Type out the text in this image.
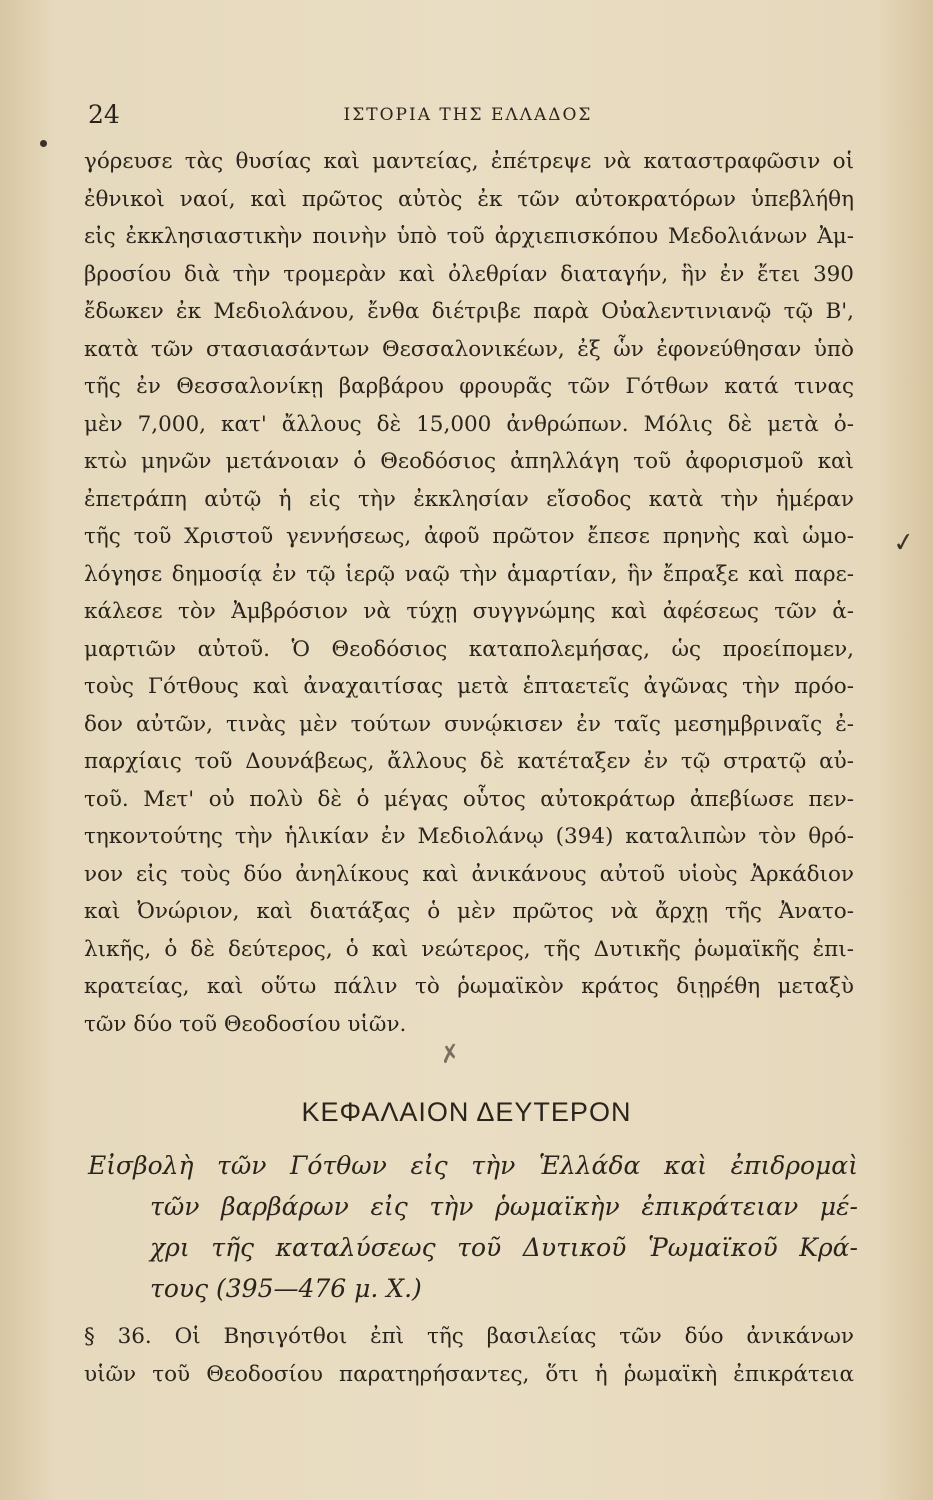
24	ΙΣΤΟΡΙΑ ΤΗΣ ΕΛΛΑΔΟΣ
γόρευσε τὰς θυσίας καὶ μαντείας, ἐπέτρεψε νὰ καταστραφῶσιν οἱ
ἐθνικοὶ ναοί, καὶ πρῶτος αὐτὸς ἐκ τῶν αὐτοκρατόρων ὑπεβλήθη
εἰς ἐκκλησιαστικὴν ποινὴν ὑπὸ τοῦ ἀρχιεπισκόπου Μεδολιάνων Ἀμ-
βροσίου διὰ τὴν τρομερὰν καὶ ὀλεθρίαν διαταγήν, ἣν ἐν ἔτει 390
ἔδωκεν ἐκ Μεδιολάνου, ἔνθα διέτριβε παρὰ Οὐαλεντινιανῷ τῷ Β',
κατὰ τῶν στασιασάντων Θεσσαλονικέων, ἐξ ὧν ἐφονεύθησαν ὑπὸ
τῆς ἐν Θεσσαλονίκῃ βαρβάρου φρουρᾶς τῶν Γότθων κατά τινας
μὲν 7,000, κατ' ἄλλους δὲ 15,000 ἀνθρώπων. Μόλις δὲ μετὰ ὀ-
κτὼ μηνῶν μετάνοιαν ὁ Θεοδόσιος ἀπηλλάγη τοῦ ἀφορισμοῦ καὶ
ἐπετράπη αὐτῷ ἡ εἰς τὴν ἐκκλησίαν εἴσοδος κατὰ τὴν ἡμέραν
τῆς τοῦ Χριστοῦ γεννήσεως, ἀφοῦ πρῶτον ἔπεσε πρηνὴς καὶ ὡμο-
λόγησε δημοσίᾳ ἐν τῷ ἱερῷ ναῷ τὴν ἁμαρτίαν, ἣν ἔπραξε καὶ παρε-
κάλεσε τὸν Ἀμβρόσιον νὰ τύχῃ συγγνώμης καὶ ἀφέσεως τῶν ἁ-
μαρτιῶν αὐτοῦ. Ὁ Θεοδόσιος καταπολεμήσας, ὡς προείπομεν,
τοὺς Γότθους καὶ ἀναχαιτίσας μετὰ ἑπταετεῖς ἀγῶνας τὴν πρόο-
δον αὐτῶν, τινὰς μὲν τούτων συνῴκισεν ἐν ταῖς μεσημβριναῖς ἐ-
παρχίαις τοῦ Δουνάβεως, ἄλλους δὲ κατέταξεν ἐν τῷ στρατῷ αὐ-
τοῦ. Μετ' οὐ πολὺ δὲ ὁ μέγας οὗτος αὐτοκράτωρ ἀπεβίωσε πεν-
τηκοντούτης τὴν ἡλικίαν ἐν Μεδιολάνῳ (394) καταλιπὼν τὸν θρό-
νον εἰς τοὺς δύο ἀνηλίκους καὶ ἀνικάνους αὐτοῦ υἱοὺς Ἀρκάδιον
καὶ Ὀνώριον, καὶ διατάξας ὁ μὲν πρῶτος νὰ ἄρχῃ τῆς Ἀνατο-
λικῆς, ὁ δὲ δεύτερος, ὁ καὶ νεώτερος, τῆς Δυτικῆς ῥωμαϊκῆς ἐπι-
κρατείας, καὶ οὕτω πάλιν τὸ ῥωμαϊκὸν κράτος διῃρέθη μεταξὺ
τῶν δύο τοῦ Θεοδοσίου υἱῶν.
✗
✓
ΚΕΦΑΛΑΙΟΝ ΔΕΥΤΕΡΟΝ
Εἰσβολὴ τῶν Γότθων εἰς τὴν Ἑλλάδα καὶ ἐπιδρομαὶ
τῶν βαρβάρων εἰς τὴν ῥωμαϊκὴν ἐπικράτειαν μέ-
χρι τῆς καταλύσεως τοῦ Δυτικοῦ Ῥωμαϊκοῦ Κρά-
τους (395—476 μ. Χ.)
§ 36. Οἱ Βησιγότθοι ἐπὶ τῆς βασιλείας τῶν δύο ἀνικάνων
υἱῶν τοῦ Θεοδοσίου παρατηρήσαντες, ὅτι ἡ ῥωμαϊκὴ ἐπικράτεια
